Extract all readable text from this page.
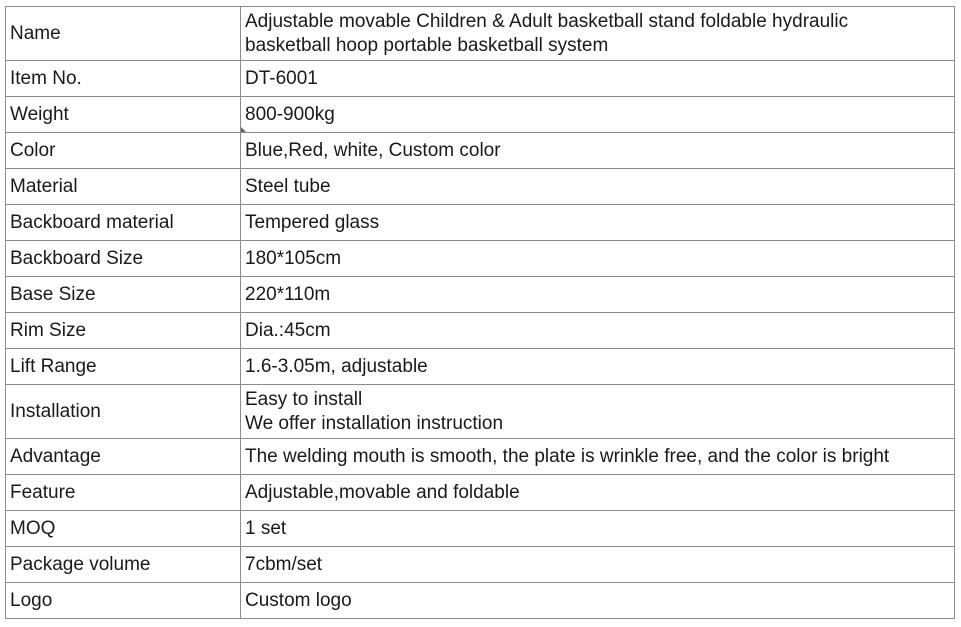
Name	Adjustable movable Children & Adult basketball stand foldable hydraulic
basketball hoop portable basketball system
Item No.	DT-6001
Weight	800-900kg
Color	Blue,Red, white, Custom color
Material	Steel tube
Backboard material	Tempered glass
Backboard Size	180*105cm
Base Size	220*110m
Rim Size	Dia.:45cm
Lift Range	1.6-3.05m, adjustable
Installation	Easy to install
We offer installation instruction
Advantage	The welding mouth is smooth, the plate is wrinkle free, and the color is bright
Feature	Adjustable,movable and foldable
MOQ	1 set
Package volume	7cbm/set
Logo	Custom logo
